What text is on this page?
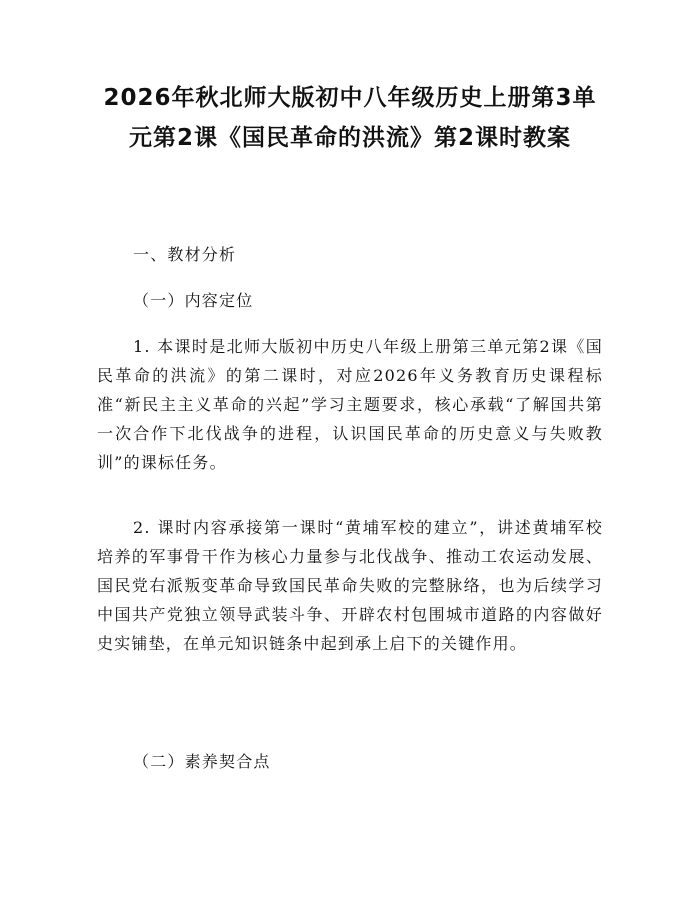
2026年秋北师大版初中八年级历史上册第3单元第2课《国民革命的洪流》第2课时教案

一、教材分析

（一）内容定位

1. 本课时是北师大版初中历史八年级上册第三单元第2课《国民革命的洪流》的第二课时，对应2026年义务教育历史课程标准“新民主主义革命的兴起”学习主题要求，核心承载“了解国共第一次合作下北伐战争的进程，认识国民革命的历史意义与失败教训”的课标任务。

2. 课时内容承接第一课时“黄埔军校的建立”，讲述黄埔军校培养的军事骨干作为核心力量参与北伐战争、推动工农运动发展、国民党右派叛变革命导致国民革命失败的完整脉络，也为后续学习中国共产党独立领导武装斗争、开辟农村包围城市道路的内容做好史实铺垫，在单元知识链条中起到承上启下的关键作用。

（二）素养契合点
